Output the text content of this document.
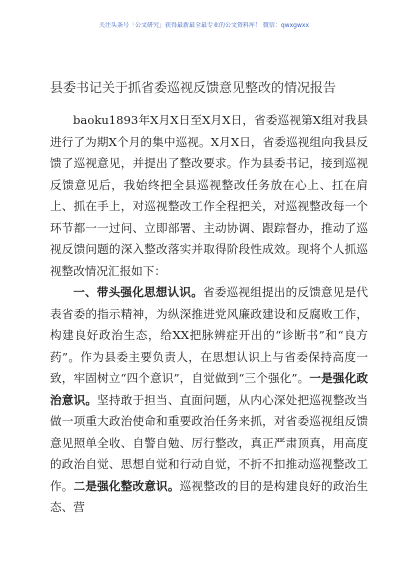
关注头条号「公文研究」获得最新最全最专业的公文资料库！ 微信：qwxgwxx
县委书记关于抓省委巡视反馈意见整改的情况报告

baoku1893年X月X日至X月X日，省委巡视第X组对我县进行了为期X个月的集中巡视。X月X日，省委巡视组向我县反馈了巡视意见，并提出了整改要求。作为县委书记，接到巡视反馈意见后，我始终把全县巡视整改任务放在心上、扛在肩上、抓在手上，对巡视整改工作全程把关，对巡视整改每一个环节都一一过问、立即部署、主动协调、跟踪督办，推动了巡视反馈问题的深入整改落实并取得阶段性成效。现将个人抓巡视整改情况汇报如下：

一、带头强化思想认识。省委巡视组提出的反馈意见是代表省委的指示精神，为纵深推进党风廉政建设和反腐败工作，构建良好政治生态，给XX把脉辨症开出的“诊断书”和“良方药”。作为县委主要负责人，在思想认识上与省委保持高度一致，牢固树立“四个意识”，自觉做到“三个强化”。一是强化政治意识。坚持敢于担当、直面问题，从内心深处把巡视整改当做一项重大政治使命和重要政治任务来抓，对省委巡视组反馈意见照单全收、自警自勉、厉行整改，真正严肃顶真，用高度的政治自觉、思想自觉和行动自觉，不折不扣推动巡视整改工作。二是强化整改意识。巡视整改的目的是构建良好的政治生态、营
